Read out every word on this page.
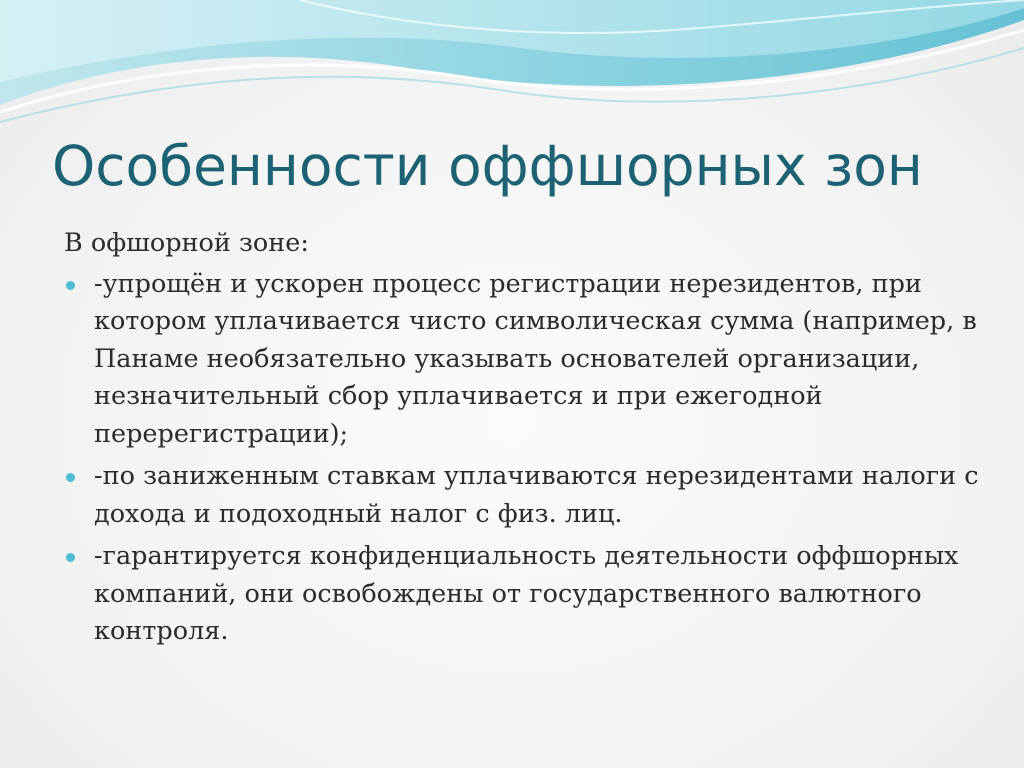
Особенности оффшорных зон

В офшорной зоне:

-упрощён и ускорен процесс регистрации нерезидентов, при котором уплачивается чисто символическая сумма (например, в Панаме необязательно указывать основателей организации, незначительный сбор уплачивается и при ежегодной перерегистрации);
-по заниженным ставкам уплачиваются нерезидентами налоги с дохода и подоходный налог с физ. лиц.
-гарантируется конфиденциальность деятельности оффшорных компаний, они освобождены от государственного валютного контроля.
